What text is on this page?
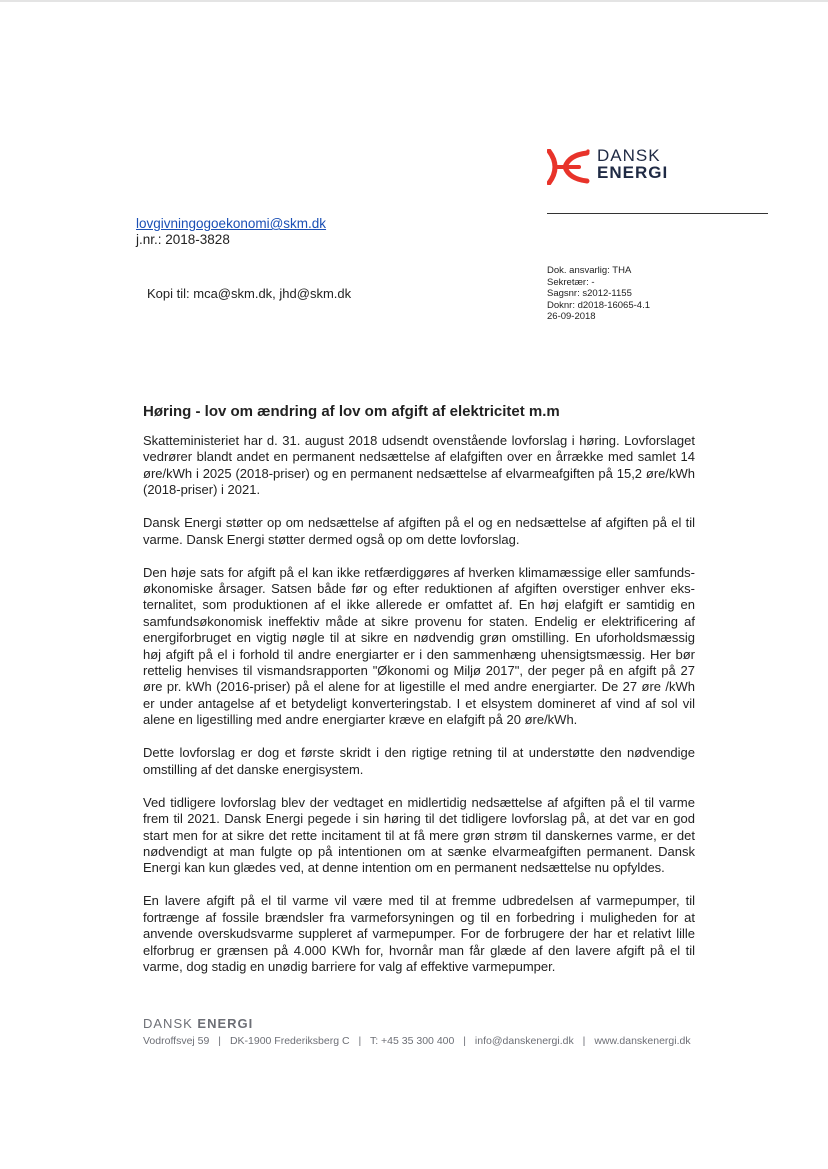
DANSK
ENERGI
lovgivningogoekonomi@skm.dk
j.nr.: 2018-3828
Kopi til: mca@skm.dk, jhd@skm.dk
Dok. ansvarlig: THA
Sekretær: -
Sagsnr: s2012-1155
Doknr: d2018-16065-4.1
26-09-2018
Høring - lov om ændring af lov om afgift af elektricitet m.m

Skatteministeriet har d. 31. august 2018 udsendt ovenstående lovforslag i høring. Lovforslaget vedrører blandt andet en permanent nedsættelse af elafgiften over en årrække med samlet 14 øre/kWh i 2025 (2018-priser) og en permanent nedsættelse af elvarmeafgiften på 15,2 øre/kWh (2018-priser) i 2021.

Dansk Energi støtter op om nedsættelse af afgiften på el og en nedsættelse af afgiften på el til varme. Dansk Energi støtter dermed også op om dette lovforslag.

Den høje sats for afgift på el kan ikke retfærdiggøres af hverken klimamæssige eller samfunds-økonomiske årsager. Satsen både før og efter reduktionen af afgiften overstiger enhver eks-ternalitet, som produktionen af el ikke allerede er omfattet af. En høj elafgift er samtidig en samfundsøkonomisk ineffektiv måde at sikre provenu for staten. Endelig er elektrificering af energiforbruget en vigtig nøgle til at sikre en nødvendig grøn omstilling. En uforholdsmæssig høj afgift på el i forhold til andre energiarter er i den sammenhæng uhensigtsmæssig. Her bør rettelig henvises til vismandsrapporten "Økonomi og Miljø 2017", der peger på en afgift på 27 øre pr. kWh (2016-priser) på el alene for at ligestille el med andre energiarter. De 27 øre /kWh er under antagelse af et betydeligt konverteringstab. I et elsystem domineret af vind af sol vil alene en ligestilling med andre energiarter kræve en elafgift på 20 øre/kWh.

Dette lovforslag er dog et første skridt i den rigtige retning til at understøtte den nødvendige omstilling af det danske energisystem.

Ved tidligere lovforslag blev der vedtaget en midlertidig nedsættelse af afgiften på el til varme frem til 2021. Dansk Energi pegede i sin høring til det tidligere lovforslag på, at det var en god start men for at sikre det rette incitament til at få mere grøn strøm til danskernes varme, er det nødvendigt at man fulgte op på intentionen om at sænke elvarmeafgiften permanent. Dansk Energi kan kun glædes ved, at denne intention om en permanent nedsættelse nu opfyldes.

En lavere afgift på el til varme vil være med til at fremme udbredelsen af varmepumper, til fortrænge af fossile brændsler fra varmeforsyningen og til en forbedring i muligheden for at anvende overskudsvarme suppleret af varmepumper. For de forbrugere der har et relativt lille elforbrug er grænsen på 4.000 KWh for, hvornår man får glæde af den lavere afgift på el til varme, dog stadig en unødig barriere for valg af effektive varmepumper.

DANSK ENERGI
Vodroffsvej 59 | DK-1900 Frederiksberg C | T: +45 35 300 400 | info@danskenergi.dk | www.danskenergi.dk
